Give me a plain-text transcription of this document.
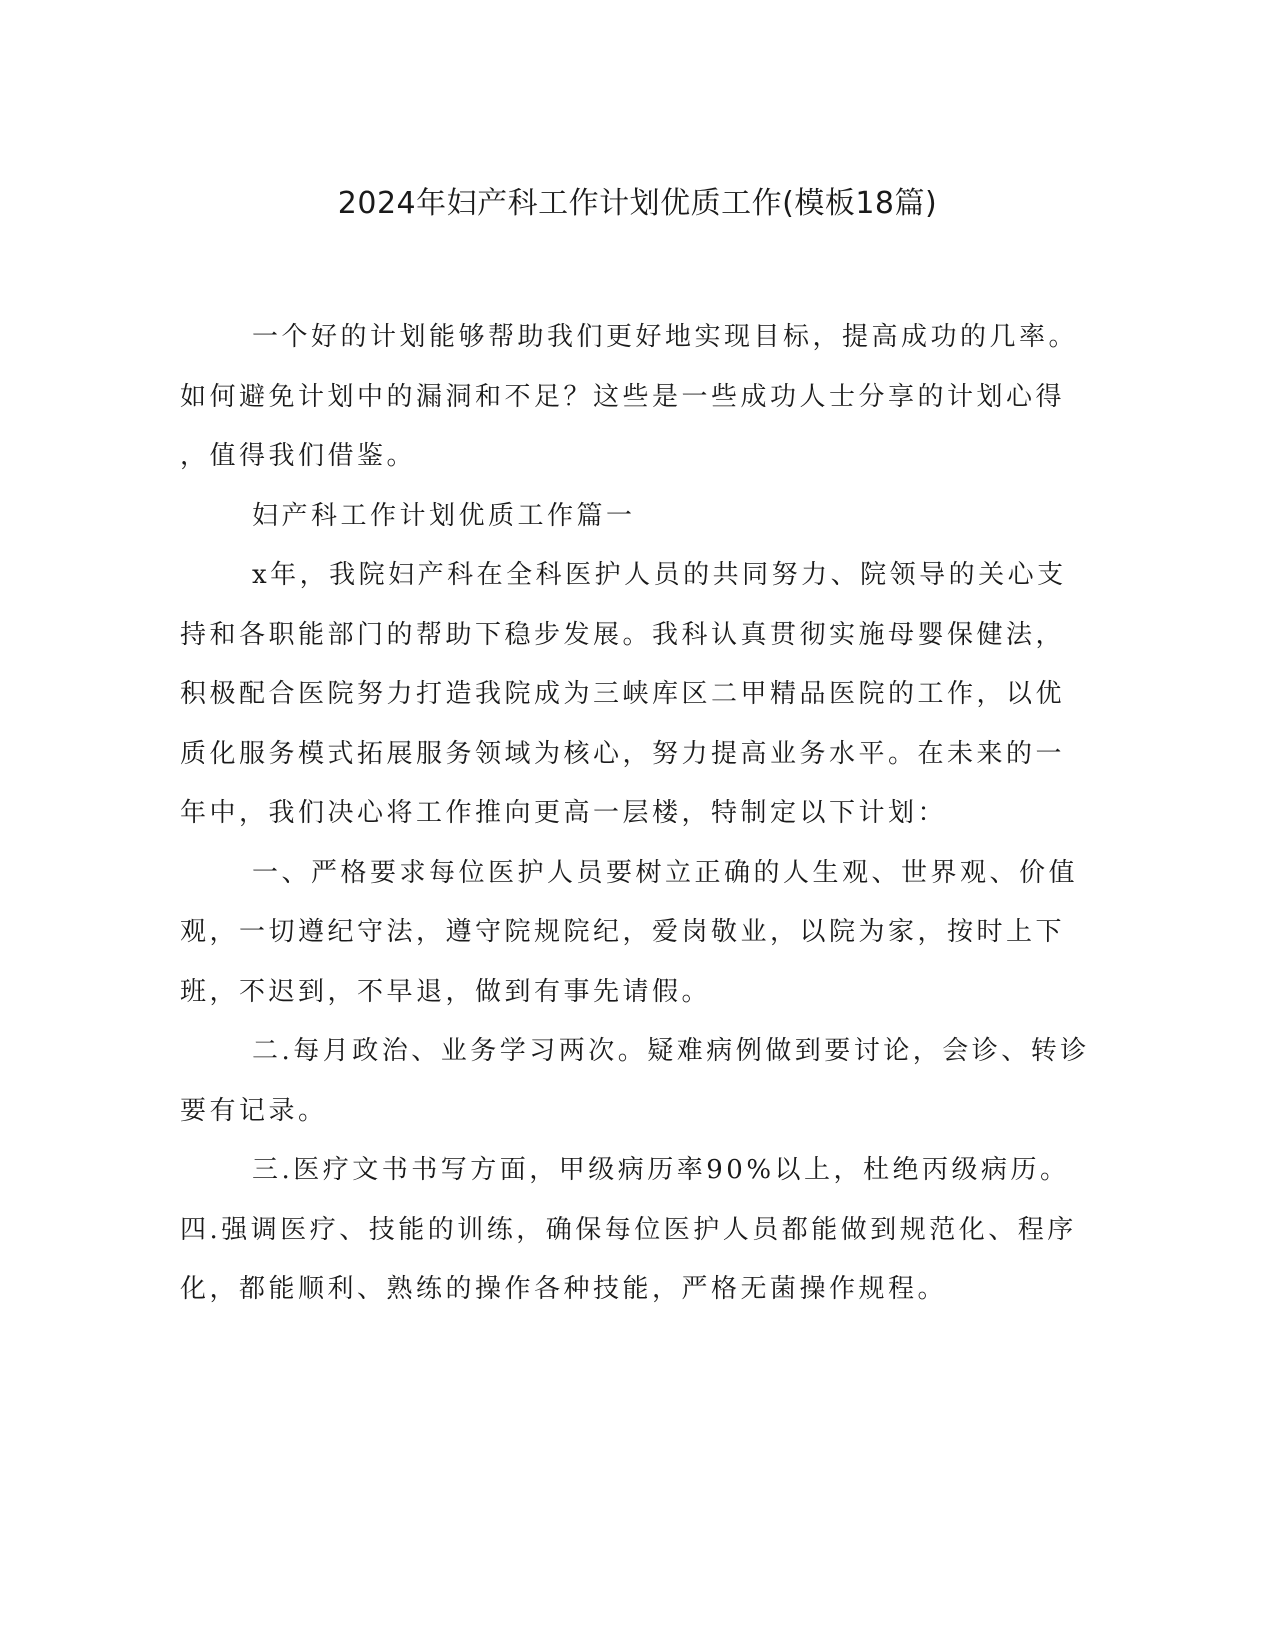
2024年妇产科工作计划优质工作(模板18篇)
一个好的计划能够帮助我们更好地实现目标，提高成功的几率。
如何避免计划中的漏洞和不足？这些是一些成功人士分享的计划心得
，值得我们借鉴。
妇产科工作计划优质工作篇一
x年，我院妇产科在全科医护人员的共同努力、院领导的关心支
持和各职能部门的帮助下稳步发展。我科认真贯彻实施母婴保健法，
积极配合医院努力打造我院成为三峡库区二甲精品医院的工作，以优
质化服务模式拓展服务领域为核心，努力提高业务水平。在未来的一
年中，我们决心将工作推向更高一层楼，特制定以下计划：
一、严格要求每位医护人员要树立正确的人生观、世界观、价值
观，一切遵纪守法，遵守院规院纪，爱岗敬业，以院为家，按时上下
班，不迟到，不早退，做到有事先请假。
二.每月政治、业务学习两次。疑难病例做到要讨论，会诊、转诊
要有记录。
三.医疗文书书写方面，甲级病历率90%以上，杜绝丙级病历。
四.强调医疗、技能的训练，确保每位医护人员都能做到规范化、程序
化，都能顺利、熟练的操作各种技能，严格无菌操作规程。
